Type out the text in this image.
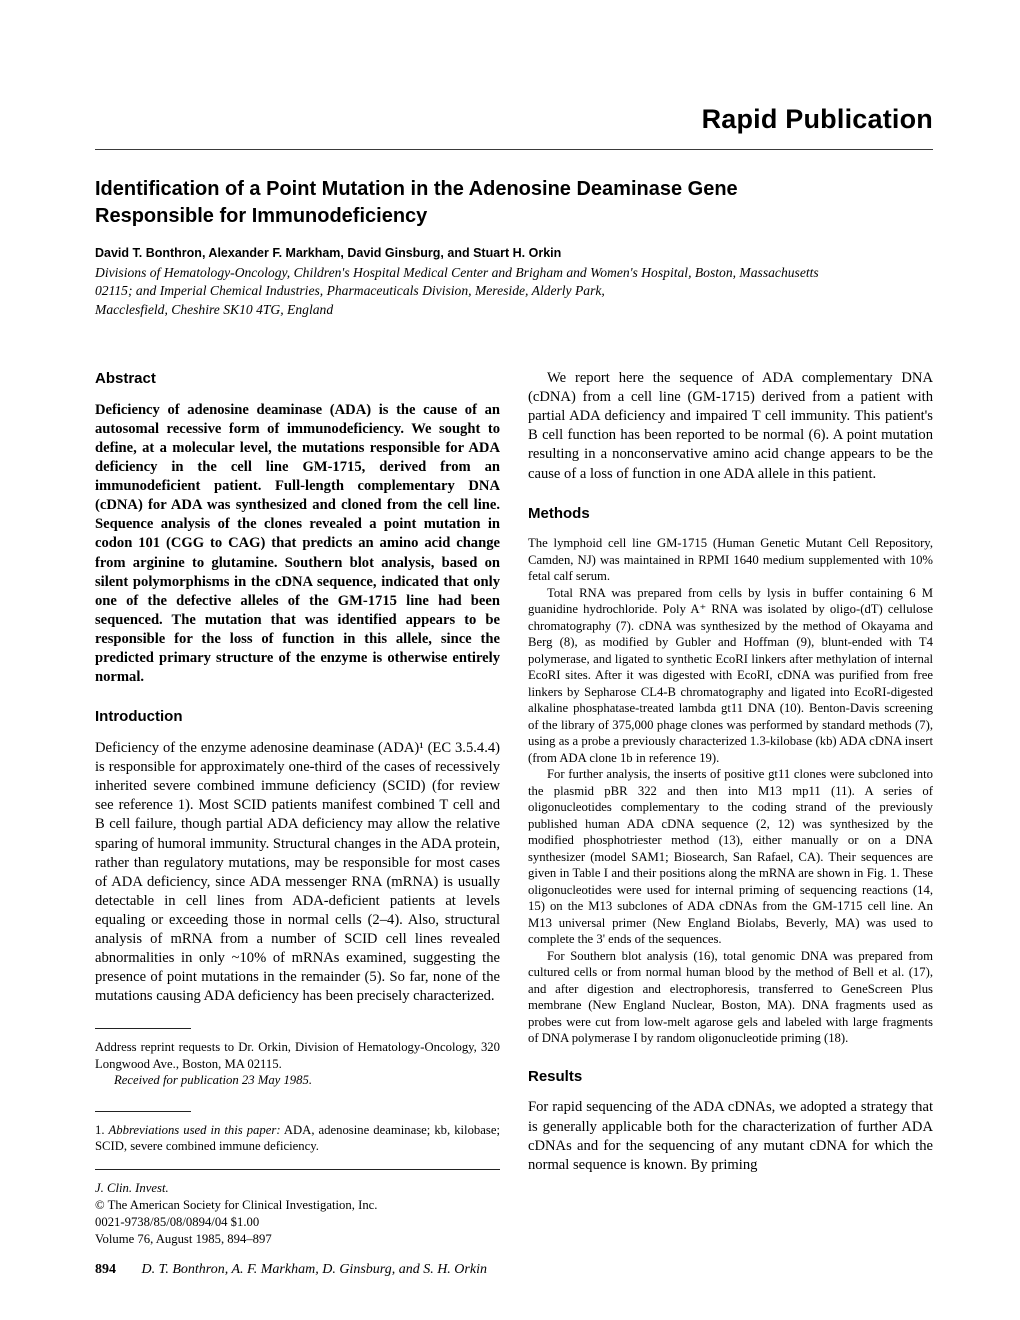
Rapid Publication
Identification of a Point Mutation in the Adenosine Deaminase Gene Responsible for Immunodeficiency
David T. Bonthron, Alexander F. Markham, David Ginsburg, and Stuart H. Orkin
Divisions of Hematology-Oncology, Children's Hospital Medical Center and Brigham and Women's Hospital, Boston, Massachusetts
02115; and Imperial Chemical Industries, Pharmaceuticals Division, Mereside, Alderly Park,
Macclesfield, Cheshire SK10 4TG, England
Abstract

Deficiency of adenosine deaminase (ADA) is the cause of an autosomal recessive form of immunodeficiency. We sought to define, at a molecular level, the mutations responsible for ADA deficiency in the cell line GM-1715, derived from an immunodeficient patient. Full-length complementary DNA (cDNA) for ADA was synthesized and cloned from the cell line. Sequence analysis of the clones revealed a point mutation in codon 101 (CGG to CAG) that predicts an amino acid change from arginine to glutamine. Southern blot analysis, based on silent polymorphisms in the cDNA sequence, indicated that only one of the defective alleles of the GM-1715 line had been sequenced. The mutation that was identified appears to be responsible for the loss of function in this allele, since the predicted primary structure of the enzyme is otherwise entirely normal.

Introduction

Deficiency of the enzyme adenosine deaminase (ADA)¹ (EC 3.5.4.4) is responsible for approximately one-third of the cases of recessively inherited severe combined immune deficiency (SCID) (for review see reference 1). Most SCID patients manifest combined T cell and B cell failure, though partial ADA deficiency may allow the relative sparing of humoral immunity. Structural changes in the ADA protein, rather than regulatory mutations, may be responsible for most cases of ADA deficiency, since ADA messenger RNA (mRNA) is usually detectable in cell lines from ADA-deficient patients at levels equaling or exceeding those in normal cells (2–4). Also, structural analysis of mRNA from a number of SCID cell lines revealed abnormalities in only ~10% of mRNAs examined, suggesting the presence of point mutations in the remainder (5). So far, none of the mutations causing ADA deficiency has been precisely characterized.

Address reprint requests to Dr. Orkin, Division of Hematology-Oncology, 320 Longwood Ave., Boston, MA 02115.

Received for publication 23 May 1985.

1. Abbreviations used in this paper: ADA, adenosine deaminase; kb, kilobase; SCID, severe combined immune deficiency.

J. Clin. Invest.
© The American Society for Clinical Investigation, Inc.
0021-9738/85/08/0894/04 $1.00
Volume 76, August 1985, 894–897

We report here the sequence of ADA complementary DNA (cDNA) from a cell line (GM-1715) derived from a patient with partial ADA deficiency and impaired T cell immunity. This patient's B cell function has been reported to be normal (6). A point mutation resulting in a nonconservative amino acid change appears to be the cause of a loss of function in one ADA allele in this patient.

Methods

The lymphoid cell line GM-1715 (Human Genetic Mutant Cell Repository, Camden, NJ) was maintained in RPMI 1640 medium supplemented with 10% fetal calf serum.

Total RNA was prepared from cells by lysis in buffer containing 6 M guanidine hydrochloride. Poly A⁺ RNA was isolated by oligo-(dT) cellulose chromatography (7). cDNA was synthesized by the method of Okayama and Berg (8), as modified by Gubler and Hoffman (9), blunt-ended with T4 polymerase, and ligated to synthetic EcoRI linkers after methylation of internal EcoRI sites. After it was digested with EcoRI, cDNA was purified from free linkers by Sepharose CL4-B chromatography and ligated into EcoRI-digested alkaline phosphatase-treated lambda gt11 DNA (10). Benton-Davis screening of the library of 375,000 phage clones was performed by standard methods (7), using as a probe a previously characterized 1.3-kilobase (kb) ADA cDNA insert (from ADA clone 1b in reference 19).

For further analysis, the inserts of positive gt11 clones were subcloned into the plasmid pBR 322 and then into M13 mp11 (11). A series of oligonucleotides complementary to the coding strand of the previously published human ADA cDNA sequence (2, 12) was synthesized by the modified phosphotriester method (13), either manually or on a DNA synthesizer (model SAM1; Biosearch, San Rafael, CA). Their sequences are given in Table I and their positions along the mRNA are shown in Fig. 1. These oligonucleotides were used for internal priming of sequencing reactions (14, 15) on the M13 subclones of ADA cDNAs from the GM-1715 cell line. An M13 universal primer (New England Biolabs, Beverly, MA) was used to complete the 3' ends of the sequences.

For Southern blot analysis (16), total genomic DNA was prepared from cultured cells or from normal human blood by the method of Bell et al. (17), and after digestion and electrophoresis, transferred to GeneScreen Plus membrane (New England Nuclear, Boston, MA). DNA fragments used as probes were cut from low-melt agarose gels and labeled with large fragments of DNA polymerase I by random oligonucleotide priming (18).

Results

For rapid sequencing of the ADA cDNAs, we adopted a strategy that is generally applicable both for the characterization of further ADA cDNAs and for the sequencing of any mutant cDNA for which the normal sequence is known. By priming

894 D. T. Bonthron, A. F. Markham, D. Ginsburg, and S. H. Orkin
